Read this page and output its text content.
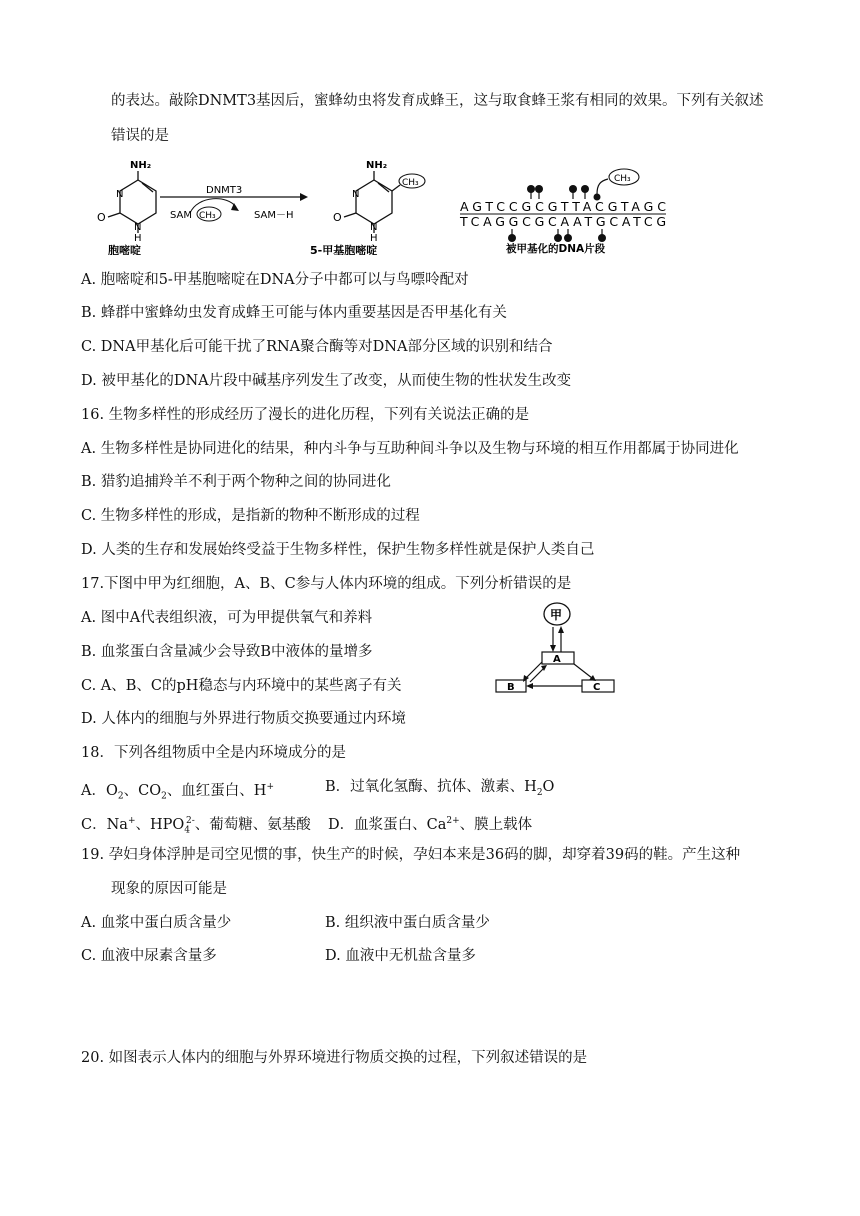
的表达。敲除DNMT3基因后，蜜蜂幼虫将发育成蜂王，这与取食蜂王浆有相同的效果。下列有关叙述
错误的是
NH₂
N
O
N
H
胞嘧啶
DNMT3
SAM CH₃	SAM－H
CH₃
NH₂
N
O
N
H
5-甲基胞嘧啶
CH₃
AGTCCGCGTTACGTAGC
TCAGGCGCAATGCATCG
被甲基化的DNA片段
A. 胞嘧啶和5-甲基胞嘧啶在DNA分子中都可以与鸟嘌呤配对
B. 蜂群中蜜蜂幼虫发育成蜂王可能与体内重要基因是否甲基化有关
C. DNA甲基化后可能干扰了RNA聚合酶等对DNA部分区域的识别和结合
D. 被甲基化的DNA片段中碱基序列发生了改变，从而使生物的性状发生改变
16. 生物多样性的形成经历了漫长的进化历程，下列有关说法正确的是
A. 生物多样性是协同进化的结果，种内斗争与互助种间斗争以及生物与环境的相互作用都属于协同进化
B. 猎豹追捕羚羊不利于两个物种之间的协同进化
C. 生物多样性的形成，是指新的物种不断形成的过程
D. 人类的生存和发展始终受益于生物多样性，保护生物多样性就是保护人类自己
17.下图中甲为红细胞，A、B、C参与人体内环境的组成。下列分析错误的是
A. 图中A代表组织液，可为甲提供氧气和养料
B. 血浆蛋白含量减少会导致B中液体的量增多
C. A、B、C的pH稳态与内环境中的某些离子有关
D. 人体内的细胞与外界进行物质交换要通过内环境
甲
A
B	C
18．下列各组物质中全是内环境成分的是
A．$O_2$、$CO_2$、血红蛋白、H+	B．过氧化氢酶、抗体、激素、$H_2O$
C．Na+、$HPO_4^{2-}$、葡萄糖、氨基酸 D．血浆蛋白、$Ca^{2+}$、膜上载体
19. 孕妇身体浮肿是司空见惯的事，快生产的时候，孕妇本来是36码的脚，却穿着39码的鞋。产生这种
现象的原因可能是
A. 血浆中蛋白质含量少	B. 组织液中蛋白质含量少
C. 血液中尿素含量多	D. 血液中无机盐含量多
20. 如图表示人体内的细胞与外界环境进行物质交换的过程，下列叙述错误的是
